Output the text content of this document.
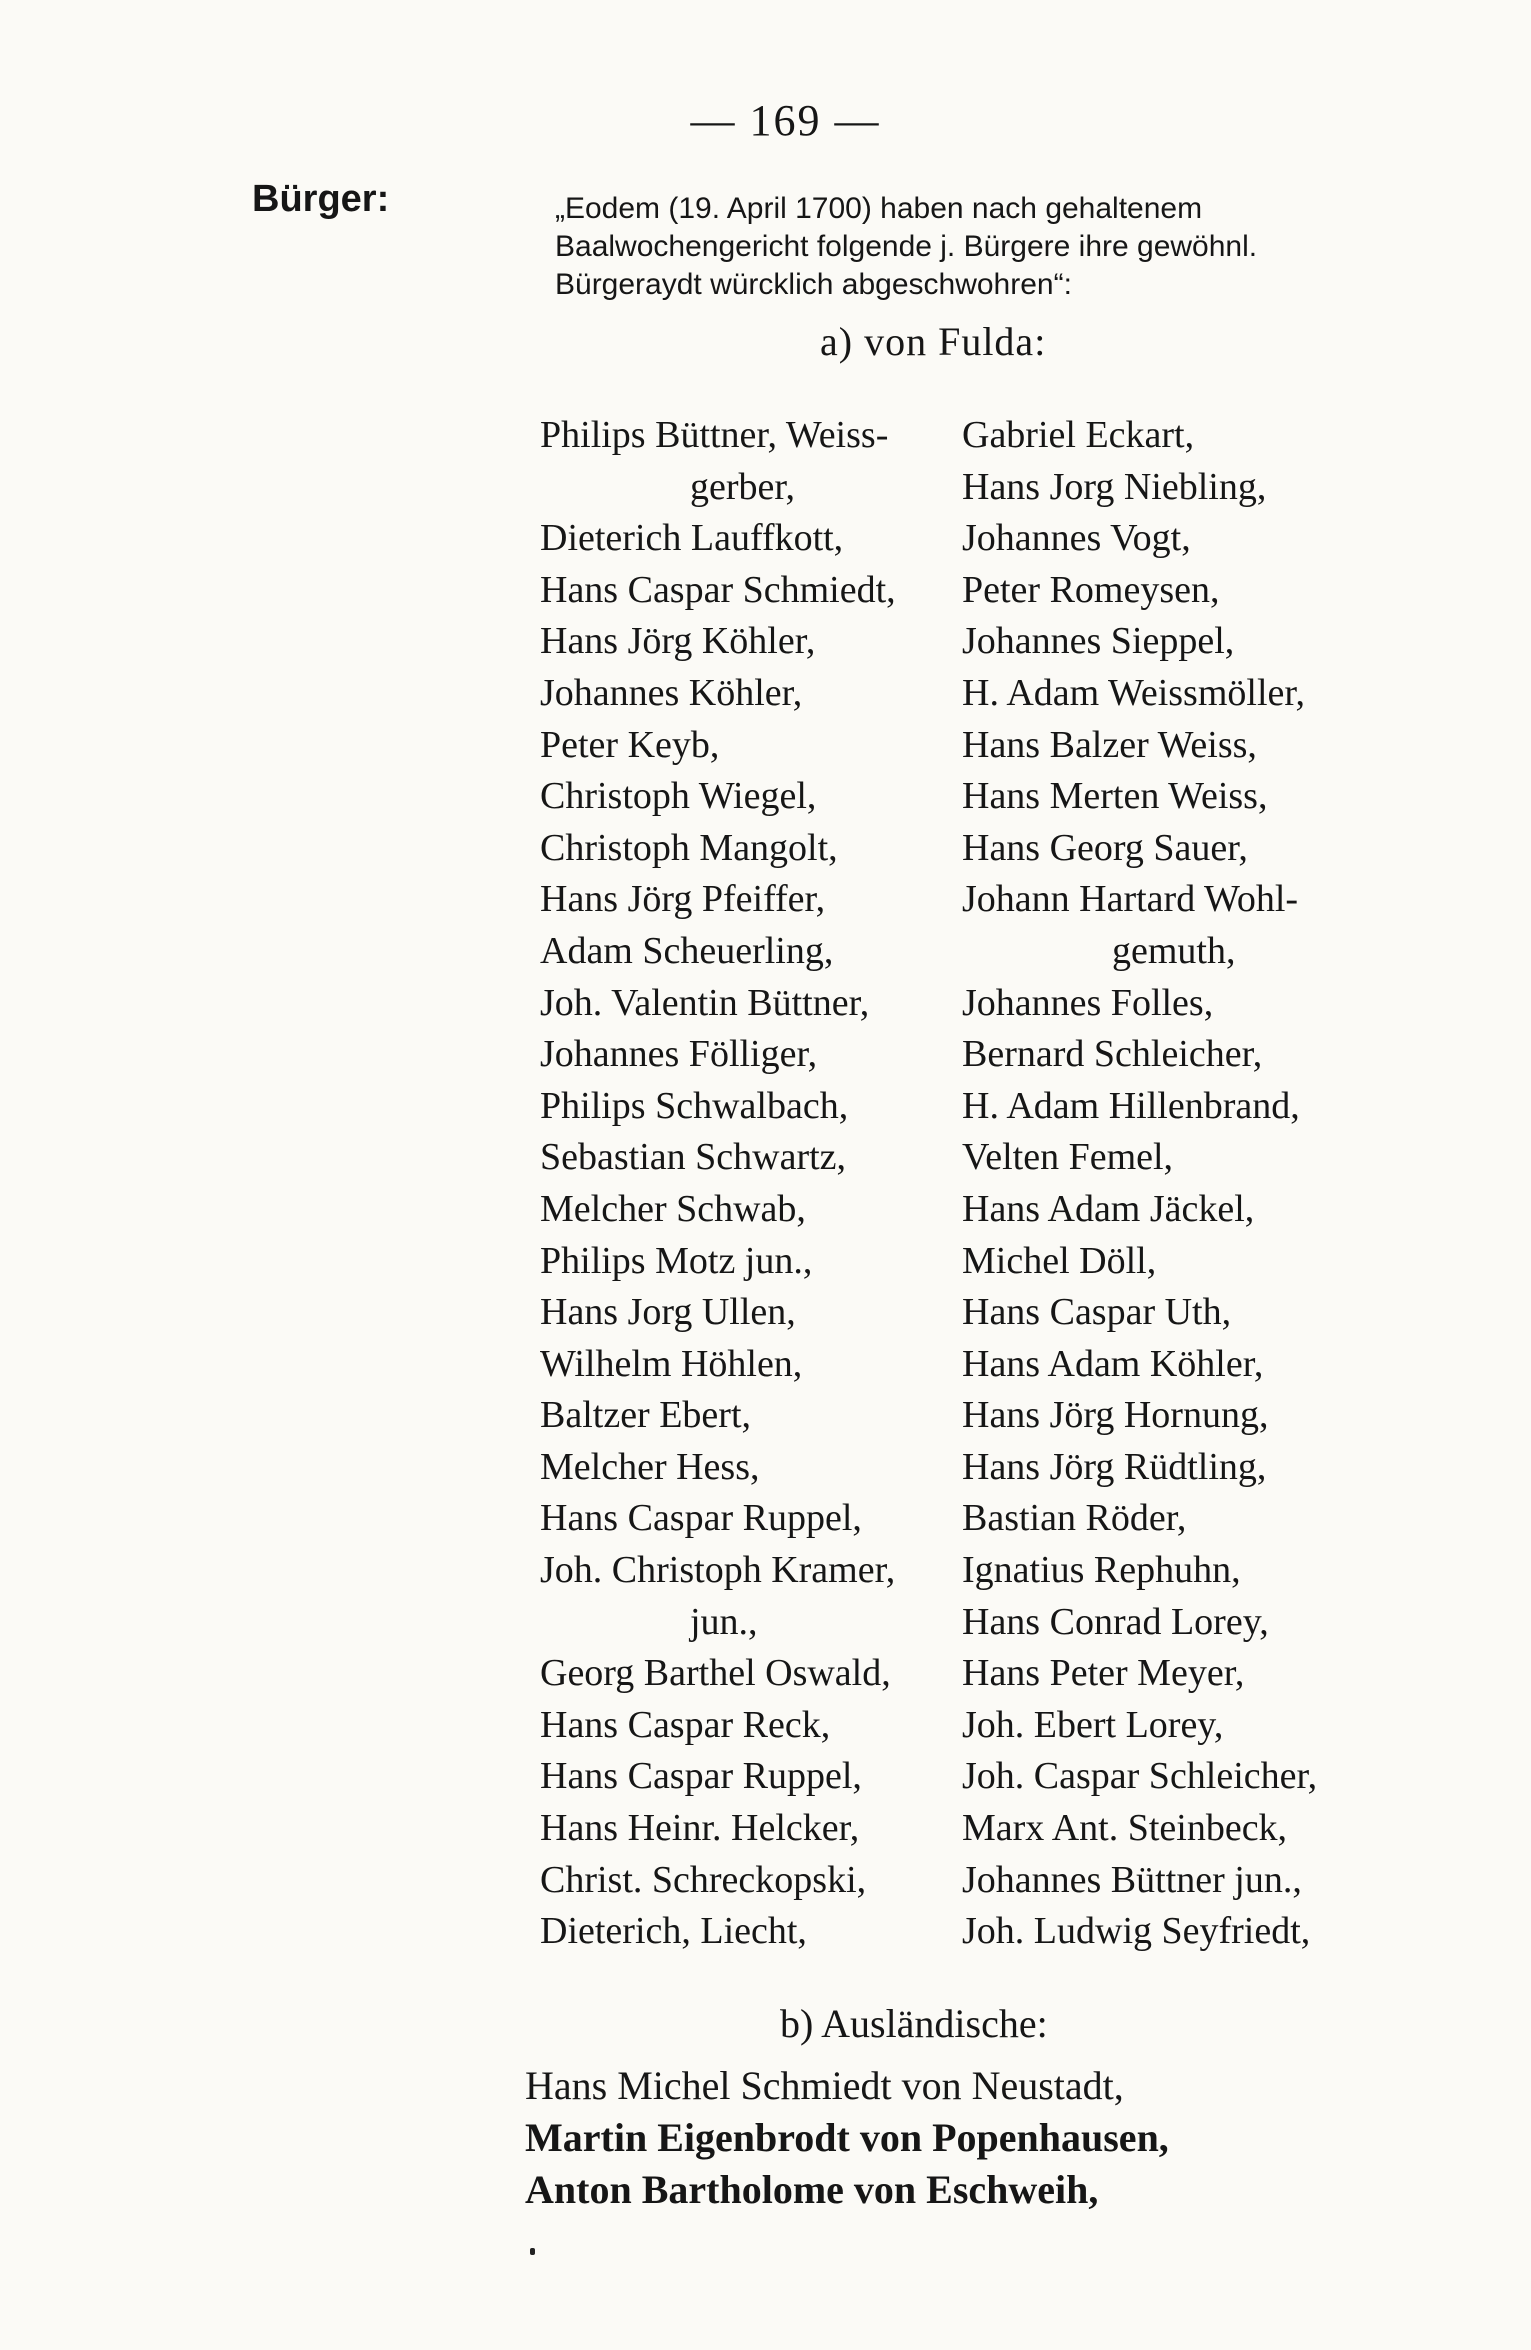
— 169 —
Bürger:	„Eodem (19. April 1700) haben nach gehaltenem
Baalwochengericht folgende j. Bürgere ihre gewöhnl.
Bürgeraydt würcklich abgeschwohren“:
a) von Fulda:
Philips Büttner, Weiss-
gerber,
Dieterich Lauffkott,
Hans Caspar Schmiedt,
Hans Jörg Köhler,
Johannes Köhler,
Peter Keyb,
Christoph Wiegel,
Christoph Mangolt,
Hans Jörg Pfeiffer,
Adam Scheuerling,
Joh. Valentin Büttner,
Johannes Fölliger,
Philips Schwalbach,
Sebastian Schwartz,
Melcher Schwab,
Philips Motz jun.,
Hans Jorg Ullen,
Wilhelm Höhlen,
Baltzer Ebert,
Melcher Hess,
Hans Caspar Ruppel,
Joh. Christoph Kramer,
jun.,
Georg Barthel Oswald,
Hans Caspar Reck,
Hans Caspar Ruppel,
Hans Heinr. Helcker,
Christ. Schreckopski,
Dieterich, Liecht,
Gabriel Eckart,
Hans Jorg Niebling,
Johannes Vogt,
Peter Romeysen,
Johannes Sieppel,
H. Adam Weissmöller,
Hans Balzer Weiss,
Hans Merten Weiss,
Hans Georg Sauer,
Johann Hartard Wohl-
gemuth,
Johannes Folles,
Bernard Schleicher,
H. Adam Hillenbrand,
Velten Femel,
Hans Adam Jäckel,
Michel Döll,
Hans Caspar Uth,
Hans Adam Köhler,
Hans Jörg Hornung,
Hans Jörg Rüdtling,
Bastian Röder,
Ignatius Rephuhn,
Hans Conrad Lorey,
Hans Peter Meyer,
Joh. Ebert Lorey,
Joh. Caspar Schleicher,
Marx Ant. Steinbeck,
Johannes Büttner jun.,
Joh. Ludwig Seyfriedt,
b) Ausländische:
Hans Michel Schmiedt von Neustadt,
Martin Eigenbrodt von Popenhausen,
Anton Bartholome von Eschweih,
